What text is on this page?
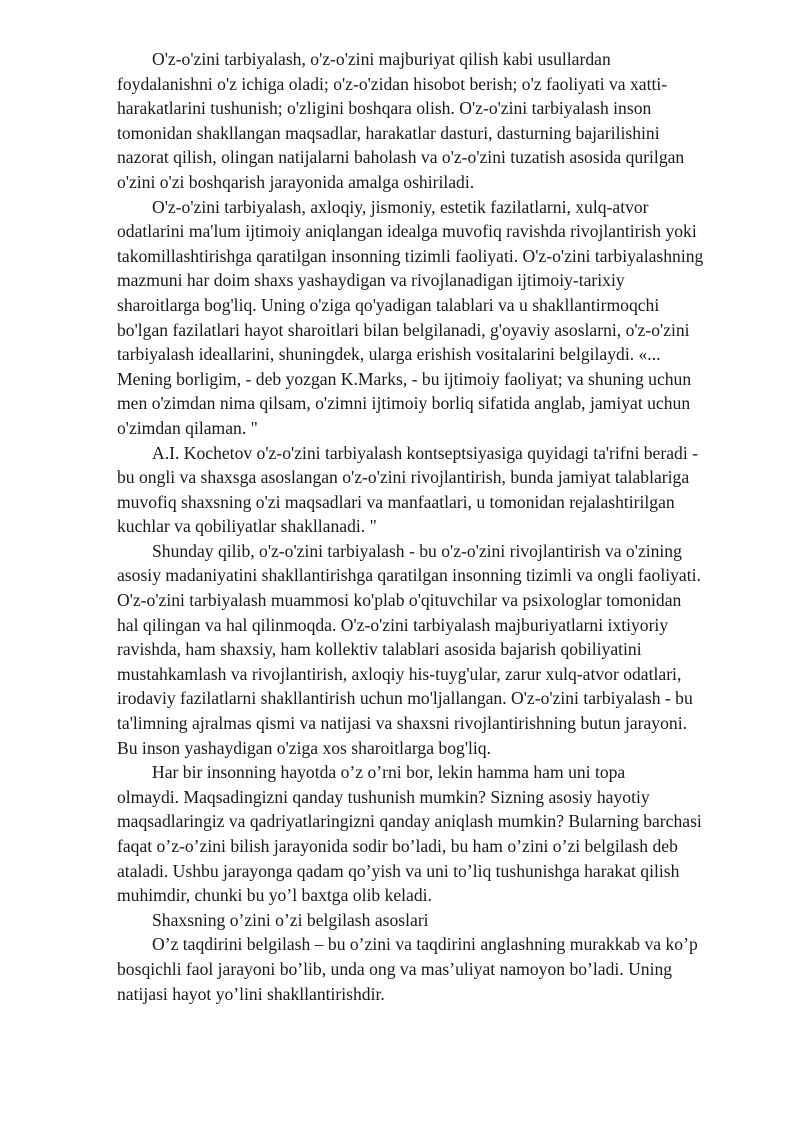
O'z-o'zini tarbiyalash, o'z-o'zini majburiyat qilish kabi usullardan
foydalanishni o'z ichiga oladi; o'z-o'zidan hisobot berish; o'z faoliyati va xatti-
harakatlarini tushunish; o'zligini boshqara olish. O'z-o'zini tarbiyalash inson
tomonidan shakllangan maqsadlar, harakatlar dasturi, dasturning bajarilishini
nazorat qilish, olingan natijalarni baholash va o'z-o'zini tuzatish asosida qurilgan
o'zini o'zi boshqarish jarayonida amalga oshiriladi.

O'z-o'zini tarbiyalash, axloqiy, jismoniy, estetik fazilatlarni, xulq-atvor
odatlarini ma'lum ijtimoiy aniqlangan idealga muvofiq ravishda rivojlantirish yoki
takomillashtirishga qaratilgan insonning tizimli faoliyati. O'z-o'zini tarbiyalashning
mazmuni har doim shaxs yashaydigan va rivojlanadigan ijtimoiy-tarixiy
sharoitlarga bog'liq. Uning o'ziga qo'yadigan talablari va u shakllantirmoqchi
bo'lgan fazilatlari hayot sharoitlari bilan belgilanadi, g'oyaviy asoslarni, o'z-o'zini
tarbiyalash ideallarini, shuningdek, ularga erishish vositalarini belgilaydi. «...
Mening borligim, - deb yozgan K.Marks, - bu ijtimoiy faoliyat; va shuning uchun
men o'zimdan nima qilsam, o'zimni ijtimoiy borliq sifatida anglab, jamiyat uchun
o'zimdan qilaman. "

A.I. Kochetov o'z-o'zini tarbiyalash kontseptsiyasiga quyidagi ta'rifni beradi -
bu ongli va shaxsga asoslangan o'z-o'zini rivojlantirish, bunda jamiyat talablariga
muvofiq shaxsning o'zi maqsadlari va manfaatlari, u tomonidan rejalashtirilgan
kuchlar va qobiliyatlar shakllanadi. "

Shunday qilib, o'z-o'zini tarbiyalash - bu o'z-o'zini rivojlantirish va o'zining
asosiy madaniyatini shakllantirishga qaratilgan insonning tizimli va ongli faoliyati.
O'z-o'zini tarbiyalash muammosi ko'plab o'qituvchilar va psixologlar tomonidan
hal qilingan va hal qilinmoqda. O'z-o'zini tarbiyalash majburiyatlarni ixtiyoriy
ravishda, ham shaxsiy, ham kollektiv talablari asosida bajarish qobiliyatini
mustahkamlash va rivojlantirish, axloqiy his-tuyg'ular, zarur xulq-atvor odatlari,
irodaviy fazilatlarni shakllantirish uchun mo'ljallangan. O'z-o'zini tarbiyalash - bu
ta'limning ajralmas qismi va natijasi va shaxsni rivojlantirishning butun jarayoni.
Bu inson yashaydigan o'ziga xos sharoitlarga bog'liq.

Har bir insonning hayotda o’z o’rni bor, lekin hamma ham uni topa
olmaydi. Maqsadingizni qanday tushunish mumkin? Sizning asosiy hayotiy
maqsadlaringiz va qadriyatlaringizni qanday aniqlash mumkin? Bularning barchasi
faqat o’z-o’zini bilish jarayonida sodir bo’ladi, bu ham o’zini o’zi belgilash deb
ataladi. Ushbu jarayonga qadam qo’yish va uni to’liq tushunishga harakat qilish
muhimdir, chunki bu yo’l baxtga olib keladi.

Shaxsning o’zini o’zi belgilash asoslari

O’z taqdirini belgilash – bu o’zini va taqdirini anglashning murakkab va ko’p
bosqichli faol jarayoni bo’lib, unda ong va mas’uliyat namoyon bo’ladi. Uning
natijasi hayot yo’lini shakllantirishdir.
